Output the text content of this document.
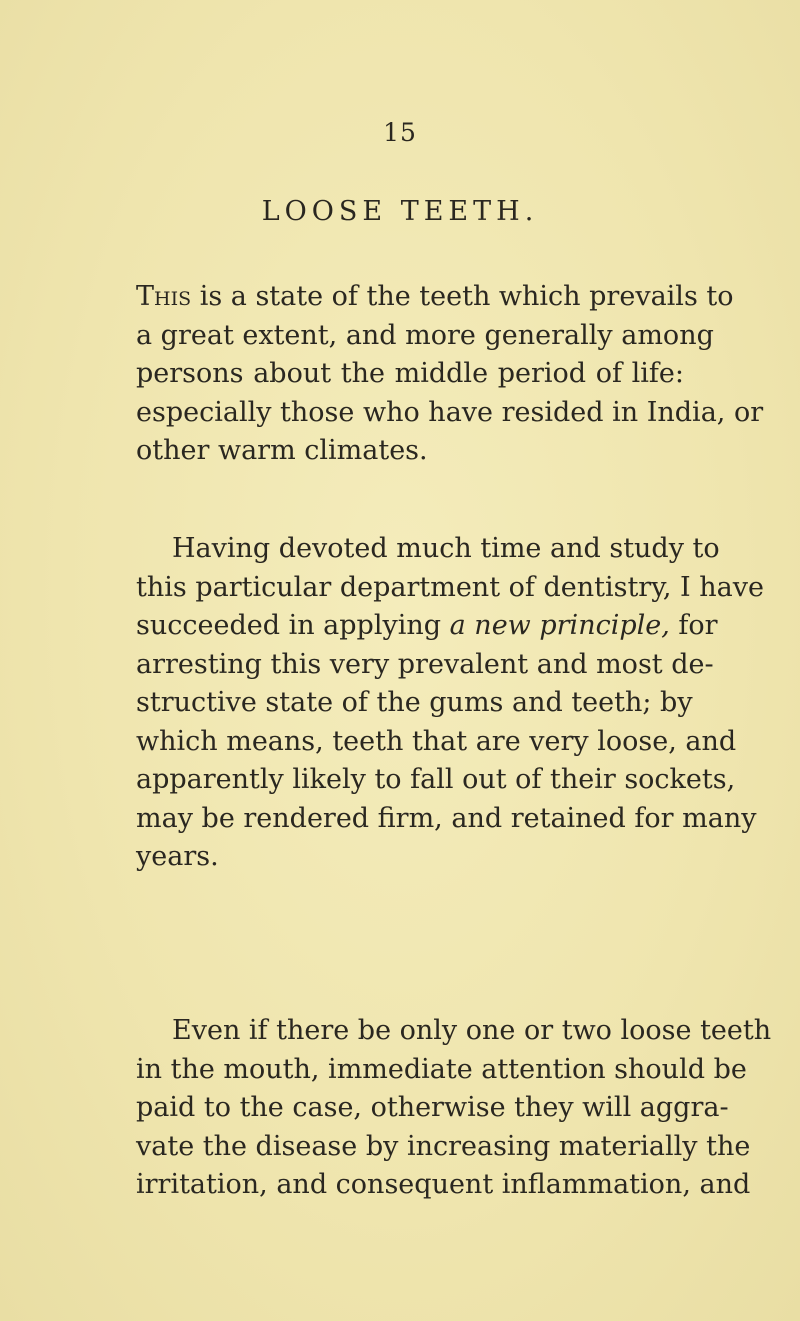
15
LOOSE TEETH.
This is a state of the teeth which prevails to
a great extent, and more generally among
persons about the middle period of life:
especially those who have resided in India, or
other warm climates.
Having devoted much time and study to
this particular department of dentistry, I have
succeeded in applying a new principle, for
arresting this very prevalent and most de-
structive state of the gums and teeth; by
which means, teeth that are very loose, and
apparently likely to fall out of their sockets,
may be rendered firm, and retained for many
years.
Even if there be only one or two loose teeth
in the mouth, immediate attention should be
paid to the case, otherwise they will aggra-
vate the disease by increasing materially the
irritation, and consequent inflammation, and
